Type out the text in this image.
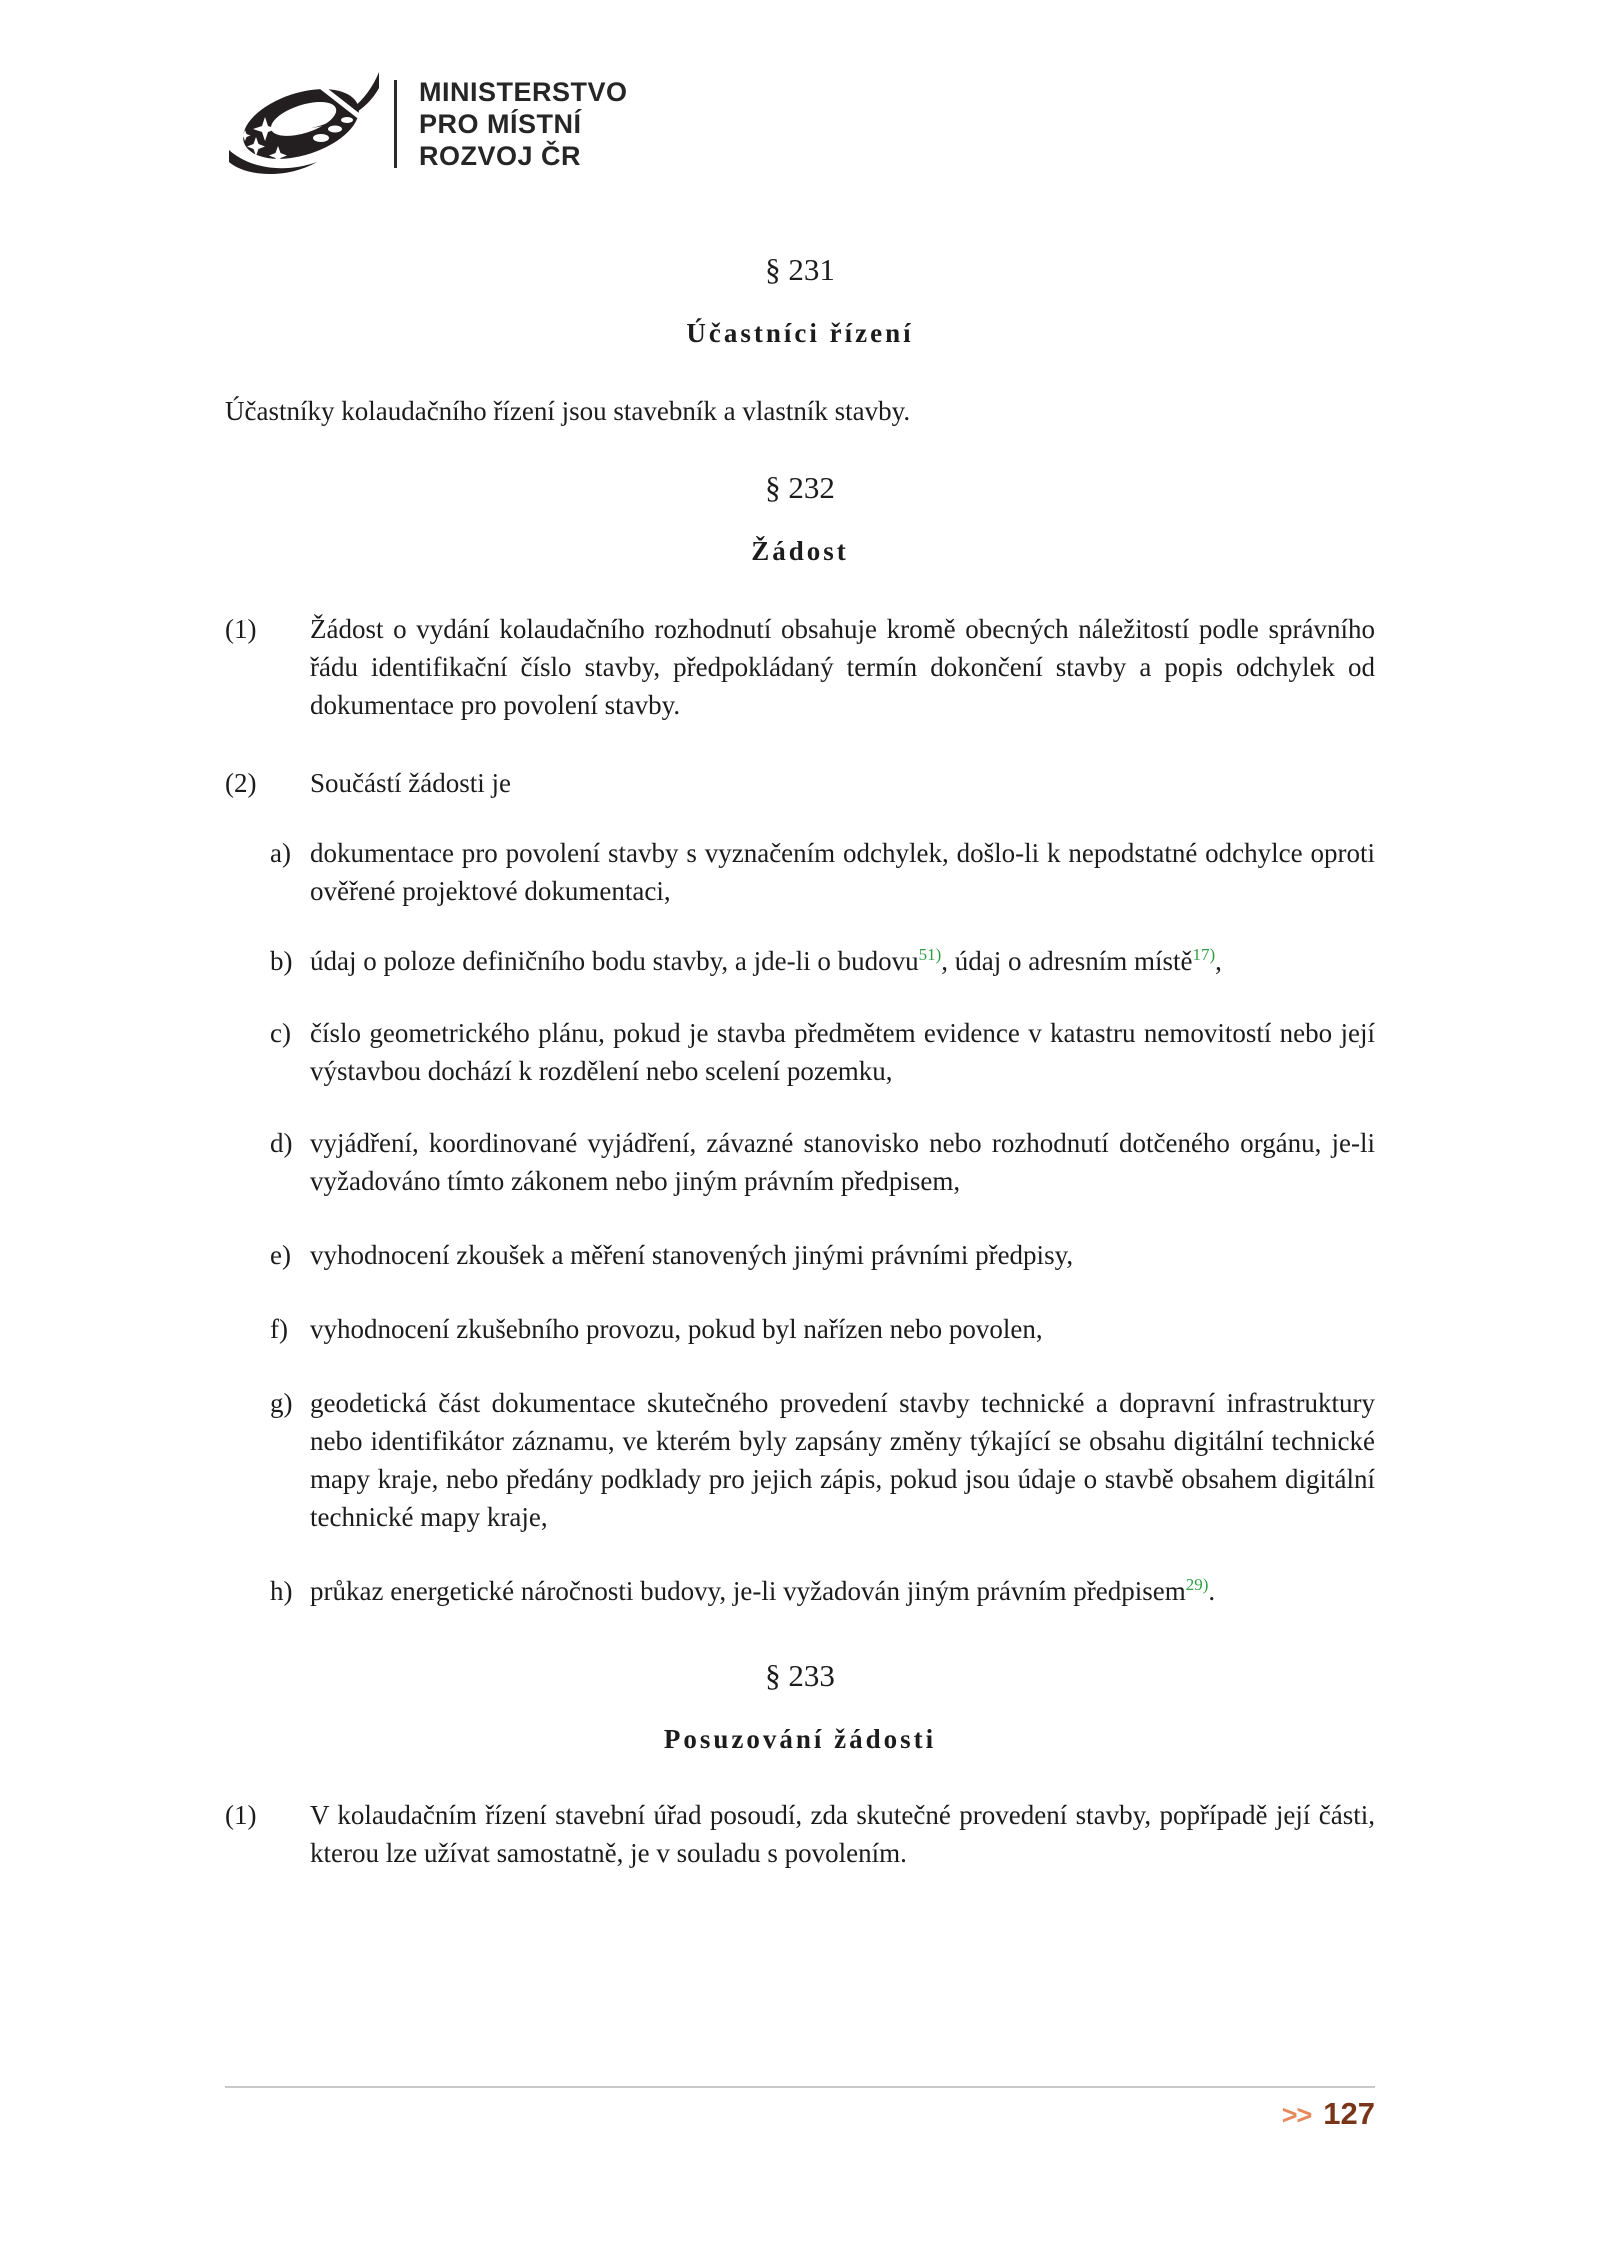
MINISTERSTVO
PRO MÍSTNÍ
ROZVOJ ČR
§ 231
Účastníci řízení
Účastníky kolaudačního řízení jsou stavebník a vlastník stavby.
§ 232
Žádost
(1)	Žádost o vydání kolaudačního rozhodnutí obsahuje kromě obecných náležitostí podle správního řádu identifikační číslo stavby, předpokládaný termín dokončení stavby a popis odchylek od dokumentace pro povolení stavby.
(2)	Součástí žádosti je
a) dokumentace pro povolení stavby s vyznačením odchylek, došlo-li k nepodstatné odchylce oproti ověřené projektové dokumentaci,
b) údaj o poloze definičního bodu stavby, a jde-li o budovu$^{51)}$, údaj o adresním místě$^{17)}$,
c) číslo geometrického plánu, pokud je stavba předmětem evidence v katastru nemovitostí nebo její výstavbou dochází k rozdělení nebo scelení pozemku,
d) vyjádření, koordinované vyjádření, závazné stanovisko nebo rozhodnutí dotčeného orgánu, je-li vyžadováno tímto zákonem nebo jiným právním předpisem,
e) vyhodnocení zkoušek a měření stanovených jinými právními předpisy,
f) vyhodnocení zkušebního provozu, pokud byl nařízen nebo povolen,
g) geodetická část dokumentace skutečného provedení stavby technické a dopravní infrastruktury nebo identifikátor záznamu, ve kterém byly zapsány změny týkající se obsahu digitální technické mapy kraje, nebo předány podklady pro jejich zápis, pokud jsou údaje o stavbě obsahem digitální technické mapy kraje,
h) průkaz energetické náročnosti budovy, je-li vyžadován jiným právním předpisem$^{29)}$.
§ 233
Posuzování žádosti
(1)	V kolaudačním řízení stavební úřad posoudí, zda skutečné provedení stavby, popřípadě její části, kterou lze užívat samostatně, je v souladu s povolením.
>> 127
